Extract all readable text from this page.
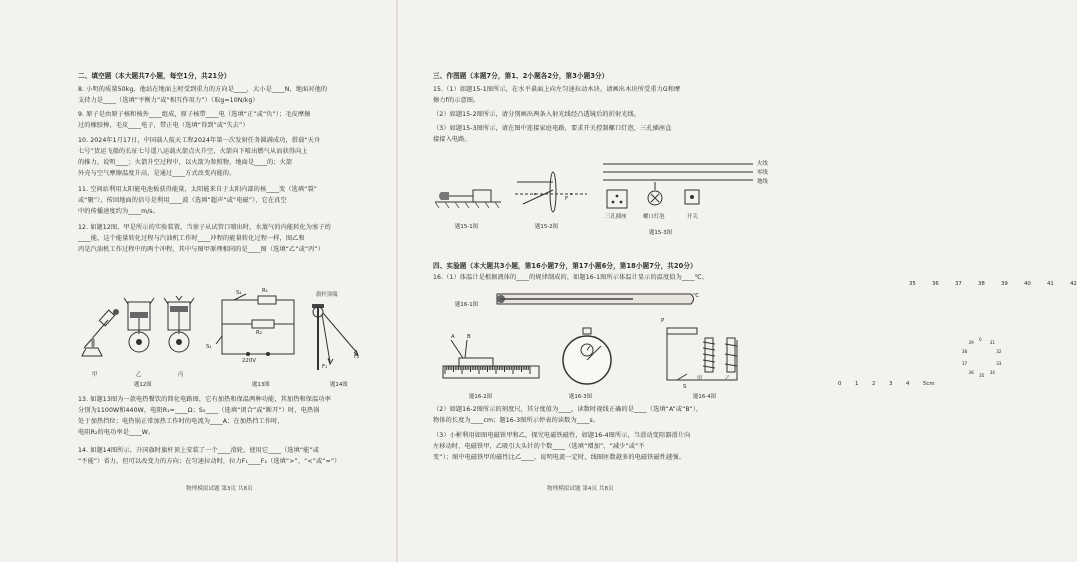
二、填空题（本大题共7小题，每空1分，共21分）
8. 小明的质量50kg，他站在地面上时受到重力的方向是____，大小是____N，地面对他的
支持力是____（选填“平衡力”或“相互作用力”）（取g=10N/kg）
9. 原子是由原子核和核外____组成，原子核带____电（选填“正”或“负”）；毛皮摩擦
过的橡胶棒，毛皮____电子，带正电（选填“得到”或“失去”）
10. 2024年1月17日，中国载人航天工程2024年第一次发射任务圆满成功，搭载“天舟
七号”货运飞船的长征七号遥八运载火箭点火升空，火箭向下喷出燃气从而获得向上
的推力，说明____；火箭升空过程中，以火箭为参照物，地面是____的；火箭
外壳与空气摩擦温度升高，是通过____方式改变内能的。
11. 空间站利用太阳能电池板获得能量，太阳能来自于太阳内部的核____变（选填“裂”
或“聚”），传回地面的信号是利用____波（选填“超声”或“电磁”），它在真空
中的传播速度约为____m/s。
12. 如题12图，甲是所示的实验装置，当塞子从试管口喷出时，水蒸气的内能转化为塞子的
____能，这个能量转化过程与汽油机工作时____冲程的能量转化过程一样，图乙和
丙是汽油机工作过程中的两个冲程，其中与图甲原理相同的是____图（选填“乙”或“丙”）
甲	乙	丙
题12图
S₂	R₁
R₂
S₁
220V
题13图
旗杆顶端
F₁
F₂
题14图
13. 如题13图为一款电热餐饮的简化电路图，它有加热和保温两种功能，其加热和保温功率
分别为1100W和440W，电阻R₁=____Ω；S₂____（选填“闭合”或“断开”）时，电热锅
处于加热挡位；电热锅正常加热工作时的电流为____A；在加热挡工作时，
电阻R₂的电功率是____W。
14. 如题14图所示，升国旗时旗杆顶上安装了一个____滑轮，使用它____（选填“能”或
“不能”）省力，但可以改变力的方向；在匀速拉动时，拉力F₁____F₂（选填“>”、“<”或“=”）
物理模拟试题 第3页 共8页
三、作图题（本题7分，第1、2小题各2分，第3小题3分）
15.（1）如题15-1图所示，在水平桌面上向左匀速拉动木块，请画出木块所受重力G和摩
擦力f的示意图。
（2）如题15-2图所示，请分别画出两条入射光线经凸透镜后的折射光线。
（3）如题15-3图所示，请在图中连接家庭电路，要求开关控制螺口灯泡，三孔插座直
接接入电路。
题15-1图
F
题15-2图
火线
零线
地线
三孔插座	螺口灯泡	开关
题15-3图
四、实验题（本大题共3小题，第16小题7分，第17小题6分，第18小题7分，共20分）
16.（1）体温计是根据液体的____的规律制成的，如题16-1图所示体温计显示的温度值为____℃。
题16-1图
35	36	37	38	39	40	41	42
℃
A B
0	1	2	3	4	5cm
题16-2图
0
31
32
33
34
35
36
37
38
39
题16-3图
P
甲	乙
S
题16-4图
（2）如题16-2图所示的刻度尺，其分度值为____，读数时视线正确的是____（选填“A”或“B”），
物体的长度为____cm；题16-3图所示停表的读数为____s。
（3）小彬利用如图电磁铁甲和乙，探究电磁铁磁性，如题16-4图所示，当滑动变阻器滑片向
左移动时，电磁铁甲，乙吸引大头针的个数____（选填“增加”、“减少”或“不
变”）；图中电磁铁甲的磁性比乙____，说明电流一定时，线圈匝数越多的电磁铁磁性越强。
物理模拟试题 第4页 共8页
